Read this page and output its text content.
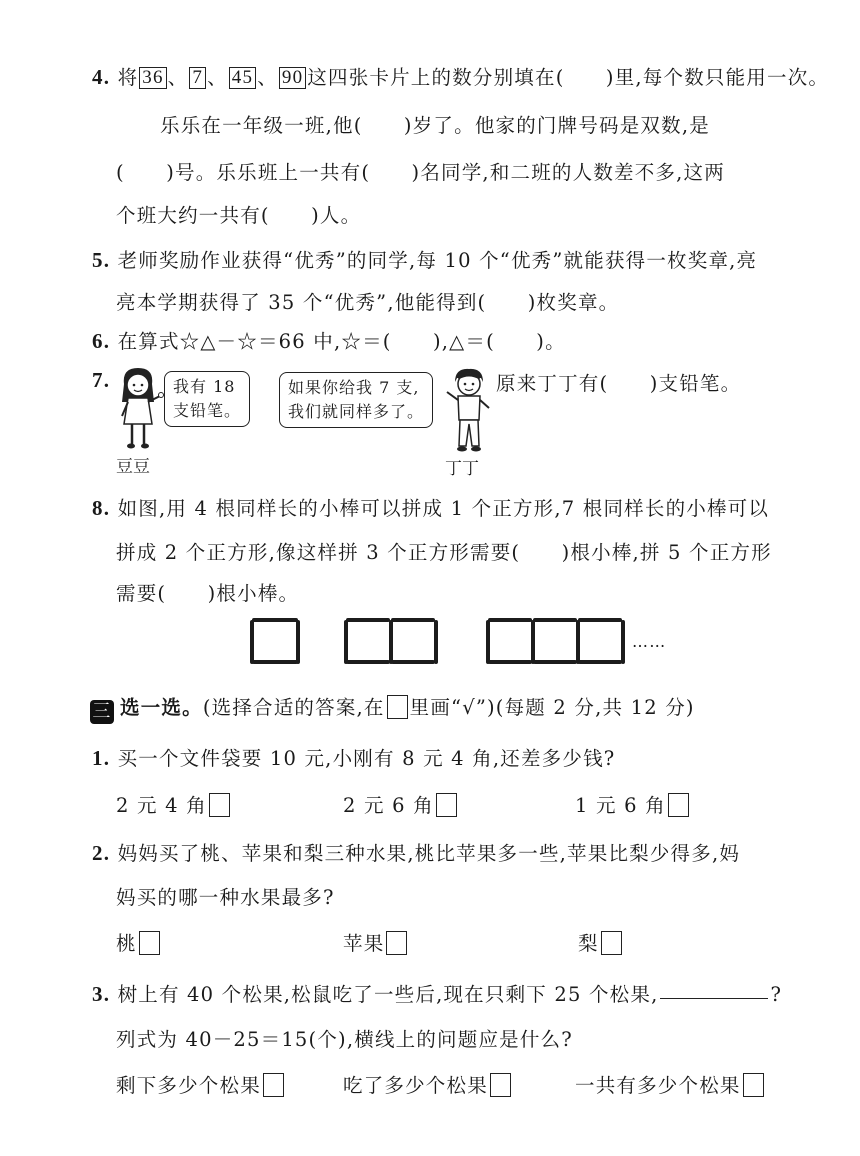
4. 将 36 、 7 、 45 、 90 这四张卡片上的数分别填在(　　)里,每个数只能用一次。
乐乐在一年级一班,他(　　)岁了。他家的门牌号码是双数,是
(　　)号。乐乐班上一共有(　　)名同学,和二班的人数差不多,这两
个班大约一共有(　　)人。
5. 老师奖励作业获得“优秀”的同学,每 10 个“优秀”就能获得一枚奖章,亮
亮本学期获得了 35 个“优秀”,他能得到(　　)枚奖章。
6. 在算式☆△－☆＝66 中,☆＝(　　),△＝(　　)。
7.	我有 18
支铅笔。
豆豆
如果你给我 7 支,
我们就同样多了。
丁丁
原来丁丁有(　　)支铅笔。
8. 如图,用 4 根同样长的小棒可以拼成 1 个正方形,7 根同样长的小棒可以
拼成 2 个正方形,像这样拼 3 个正方形需要(　　)根小棒,拼 5 个正方形
需要(　　)根小棒。
……
三 选一选。(选择合适的答案,在 里画“√”)(每题 2 分,共 12 分)
1. 买一个文件袋要 10 元,小刚有 8 元 4 角,还差多少钱?
2 元 4 角	2 元 6 角	1 元 6 角
2. 妈妈买了桃、苹果和梨三种水果,桃比苹果多一些,苹果比梨少得多,妈
妈买的哪一种水果最多?
桃	苹果	梨
3. 树上有 40 个松果,松鼠吃了一些后,现在只剩下 25 个松果,	?
列式为 40－25＝15(个),横线上的问题应是什么?
剩下多少个松果	吃了多少个松果	一共有多少个松果
